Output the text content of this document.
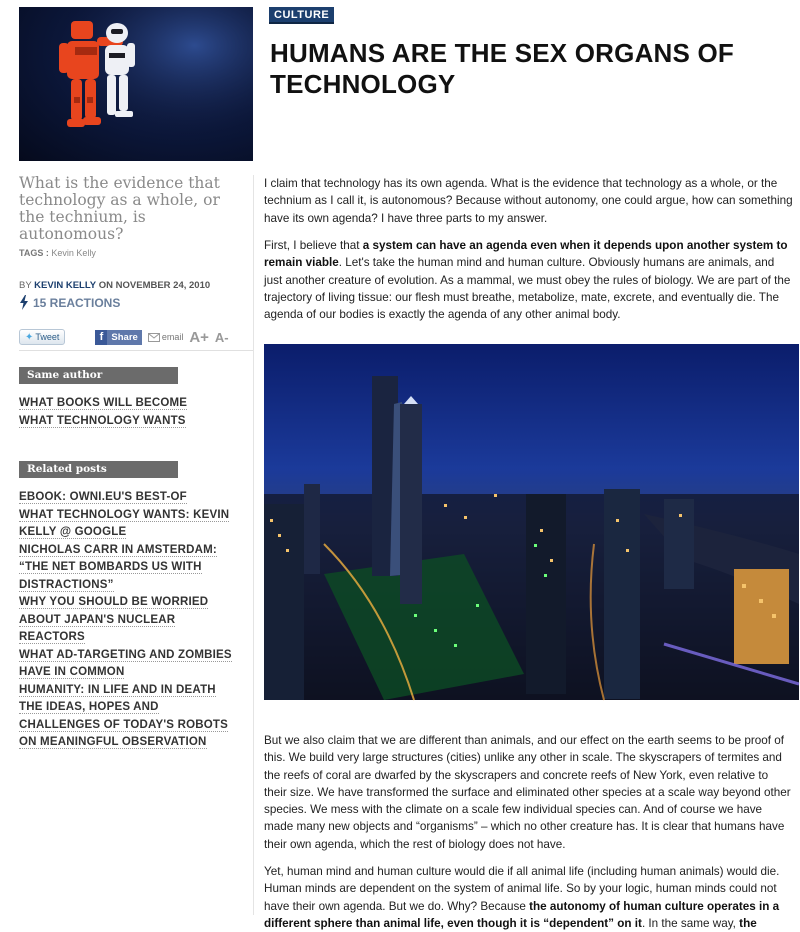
CULTURE
HUMANS ARE THE SEX ORGANS OF TECHNOLOGY
What is the evidence that technology as a whole, or the technium, is autonomous?
TAGS : Kevin Kelly
BY KEVIN KELLY ON NOVEMBER 24, 2010
15 REACTIONS
✦ Tweet	f Share	email A+ A-
Same author
WHAT BOOKS WILL BECOME
WHAT TECHNOLOGY WANTS
Related posts
EBOOK: OWNI.EU'S BEST-OF
WHAT TECHNOLOGY WANTS: KEVIN
KELLY @ GOOGLE
NICHOLAS CARR IN AMSTERDAM:
“THE NET BOMBARDS US WITH
DISTRACTIONS”
WHY YOU SHOULD BE WORRIED
ABOUT JAPAN'S NUCLEAR
REACTORS
WHAT AD-TARGETING AND ZOMBIES
HAVE IN COMMON
HUMANITY: IN LIFE AND IN DEATH
THE IDEAS, HOPES AND
CHALLENGES OF TODAY'S ROBOTS
ON MEANINGFUL OBSERVATION

I claim that technology has its own agenda. What is the evidence that technology as a whole, or the technium as I call it, is autonomous? Because without autonomy, one could argue, how can something have its own agenda? I have three parts to my answer.

First, I believe that a system can have an agenda even when it depends upon another system to remain viable. Let's take the human mind and human culture. Obviously humans are animals, and just another creature of evolution. As a mammal, we must obey the rules of biology. We are part of the trajectory of living tissue: our flesh must breathe, metabolize, mate, excrete, and eventually die. The agenda of our bodies is exactly the agenda of any other animal body.

But we also claim that we are different than animals, and our effect on the earth seems to be proof of this. We build very large structures (cities) unlike any other in scale. The skyscrapers of termites and the reefs of coral are dwarfed by the skyscrapers and concrete reefs of New York, even relative to their size. We have transformed the surface and eliminated other species at a scale way beyond other species. We mess with the climate on a scale few individual species can. And of course we have made many new objects and “organisms” – which no other creature has. It is clear that humans have their own agenda, which the rest of biology does not have.

Yet, human mind and human culture would die if all animal life (including human animals) would die. Human minds are dependent on the system of animal life. So by your logic, human minds could not have their own agenda. But we do. Why? Because the autonomy of human culture operates in a different sphere than animal life, even though it is “dependent” on it. In the same way, the
